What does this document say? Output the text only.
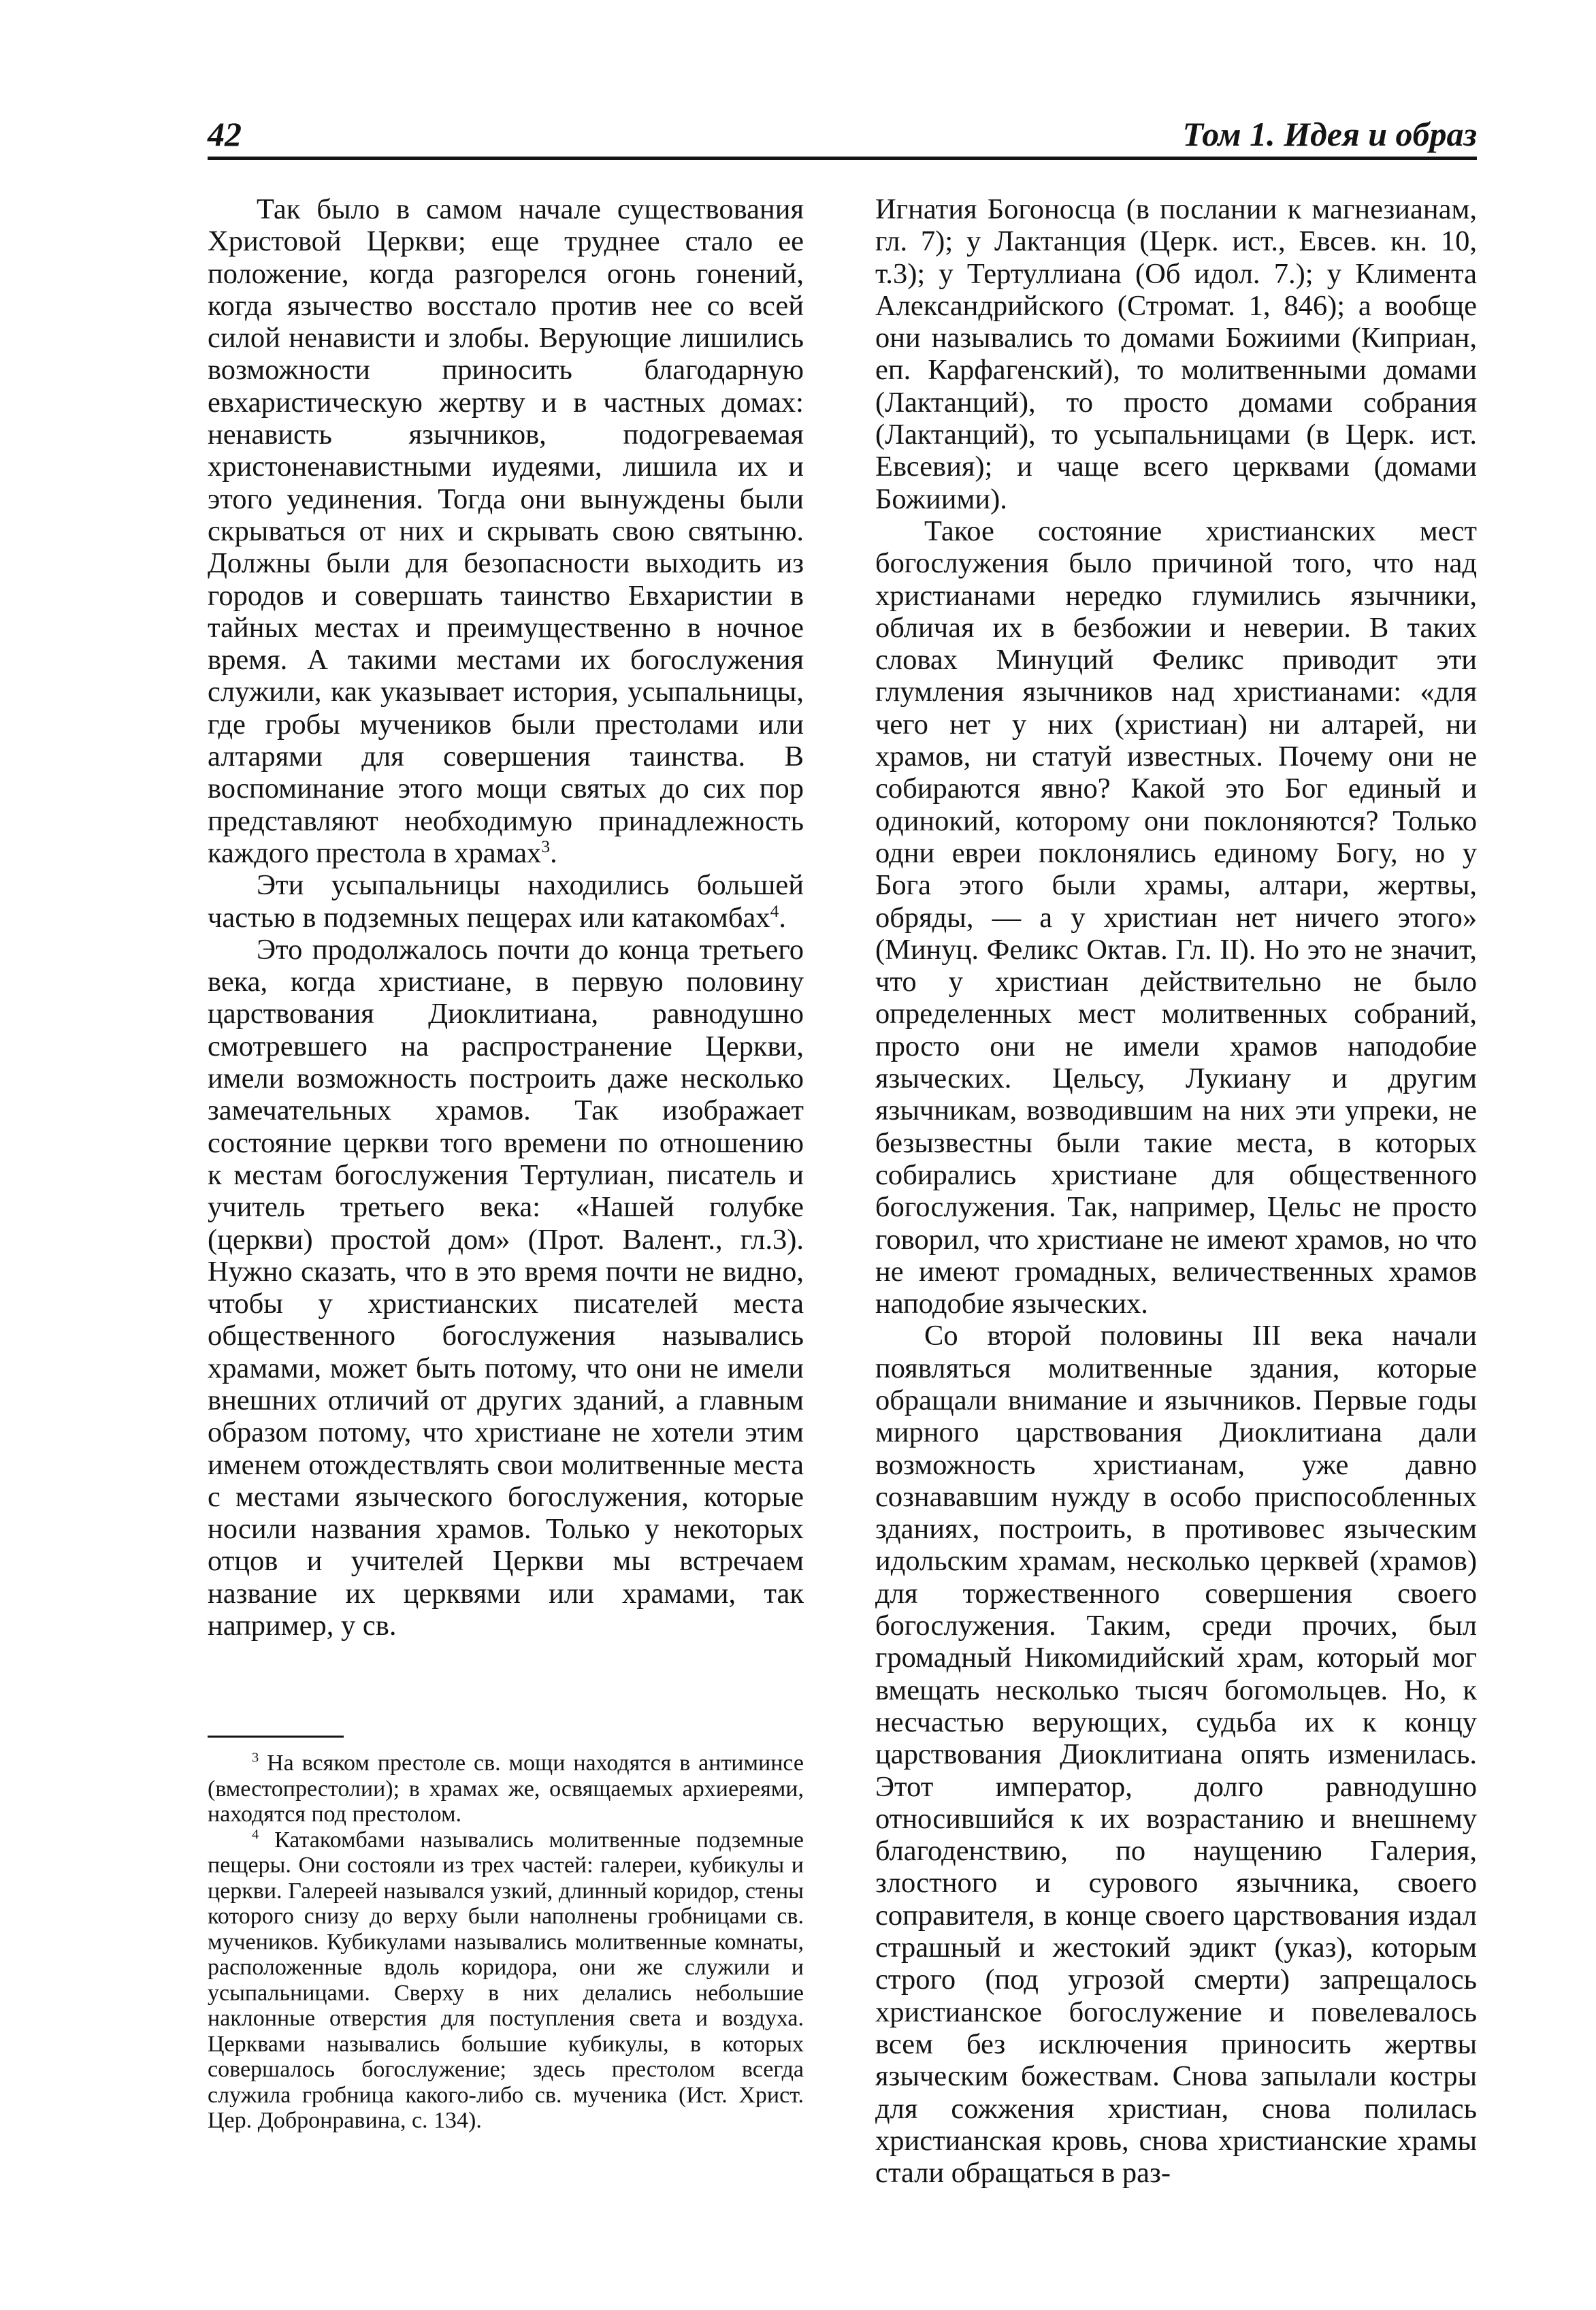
42	Том 1. Идея и образ

Так было в самом начале существования Христовой Церкви; еще труднее стало ее положение, когда разгорелся огонь гонений, когда язычество восстало против нее со всей силой ненависти и злобы. Верующие лишились возможности приносить благодарную евхаристическую жертву и в частных домах: ненависть язычников, подогреваемая христоненавистными иудеями, лишила их и этого уединения. Тогда они вынуждены были скрываться от них и скрывать свою святыню. Должны были для безопасности выходить из городов и совершать таинство Евхаристии в тайных местах и преимущественно в ночное время. А такими местами их богослужения служили, как указывает история, усыпальницы, где гробы мучеников были престолами или алтарями для совершения таинства. В воспоминание этого мощи святых до сих пор представляют необходимую принадлежность каждого престола в храмах$^3$.

Эти усыпальницы находились большей частью в подземных пещерах или катакомбах$^4$.

Это продолжалось почти до конца третьего века, когда христиане, в первую половину царствования Диоклитиана, равнодушно смотревшего на распространение Церкви, имели возможность построить даже несколько замечательных храмов. Так изображает состояние церкви того времени по отношению к местам богослужения Тертулиан, писатель и учитель третьего века: «Нашей голубке (церкви) простой дом» (Прот. Валент., гл.3). Нужно сказать, что в это время почти не видно, чтобы у христианских писателей места общественного богослужения назывались храмами, может быть потому, что они не имели внешних отличий от других зданий, а главным образом потому, что христиане не хотели этим именем отождествлять свои молитвенные места с местами языческого богослужения, которые носили названия храмов. Только у некоторых отцов и учителей Церкви мы встречаем название их церквями или храмами, так например, у св.

Игнатия Богоносца (в послании к магнезианам, гл. 7); у Лактанция (Церк. ист., Евсев. кн. 10, т.3); у Тертуллиана (Об идол. 7.); у Климента Александрийского (Стромат. 1, 846); а вообще они назывались то домами Божиими (Киприан, еп. Карфагенский), то молитвенными домами (Лактанций), то просто домами собрания (Лактанций), то усыпальницами (в Церк. ист. Евсевия); и чаще всего церквами (домами Божиими).

Такое состояние христианских мест богослужения было причиной того, что над христианами нередко глумились язычники, обличая их в безбожии и неверии. В таких словах Минуций Феликс приводит эти глумления язычников над христианами: «для чего нет у них (христиан) ни алтарей, ни храмов, ни статуй известных. Почему они не собираются явно? Какой это Бог единый и одинокий, которому они поклоняются? Только одни евреи поклонялись единому Богу, но у Бога этого были храмы, алтари, жертвы, обряды, — а у христиан нет ничего этого» (Минуц. Феликс Октав. Гл. II). Но это не значит, что у христиан действительно не было определенных мест молитвенных собраний, просто они не имели храмов наподобие языческих. Цельсу, Лукиану и другим язычникам, возводившим на них эти упреки, не безызвестны были такие места, в которых собирались христиане для общественного богослужения. Так, например, Цельс не просто говорил, что христиане не имеют храмов, но что не имеют громадных, величественных храмов наподобие языческих.

Со второй половины III века начали появляться молитвенные здания, которые обращали внимание и язычников. Первые годы мирного царствования Диоклитиана дали возможность христианам, уже давно сознававшим нужду в особо приспособленных зданиях, построить, в противовес языческим идольским храмам, несколько церквей (храмов) для торжественного совершения своего богослужения. Таким, среди прочих, был громадный Никомидийский храм, который мог вмещать несколько тысяч богомольцев. Но, к несчастью верующих, судьба их к концу царствования Диоклитиана опять изменилась. Этот император, долго равнодушно относившийся к их возрастанию и внешнему благоденствию, по наущению Галерия, злостного и сурового язычника, своего соправителя, в конце своего царствования издал страшный и жестокий эдикт (указ), которым строго (под угрозой смерти) запрещалось христианское богослужение и повелевалось всем без исключения приносить жертвы языческим божествам. Снова запылали костры для сожжения христиан, снова полилась христианская кровь, снова христианские храмы стали обращаться в раз-

$^3$ На всяком престоле св. мощи находятся в антиминсе (вместопрестолии); в храмах же, освящаемых архиереями, находятся под престолом.

$^4$ Катакомбами назывались молитвенные подземные пещеры. Они состояли из трех частей: галереи, кубикулы и церкви. Галереей назывался узкий, длинный коридор, стены которого снизу до верху были наполнены гробницами св. мучеников. Кубикулами назывались молитвенные комнаты, расположенные вдоль коридора, они же служили и усыпальницами. Сверху в них делались небольшие наклонные отверстия для поступления света и воздуха. Церквами назывались большие кубикулы, в которых совершалось богослужение; здесь престолом всегда служила гробница какого-либо св. мученика (Ист. Христ. Цер. Добронравина, с. 134).
